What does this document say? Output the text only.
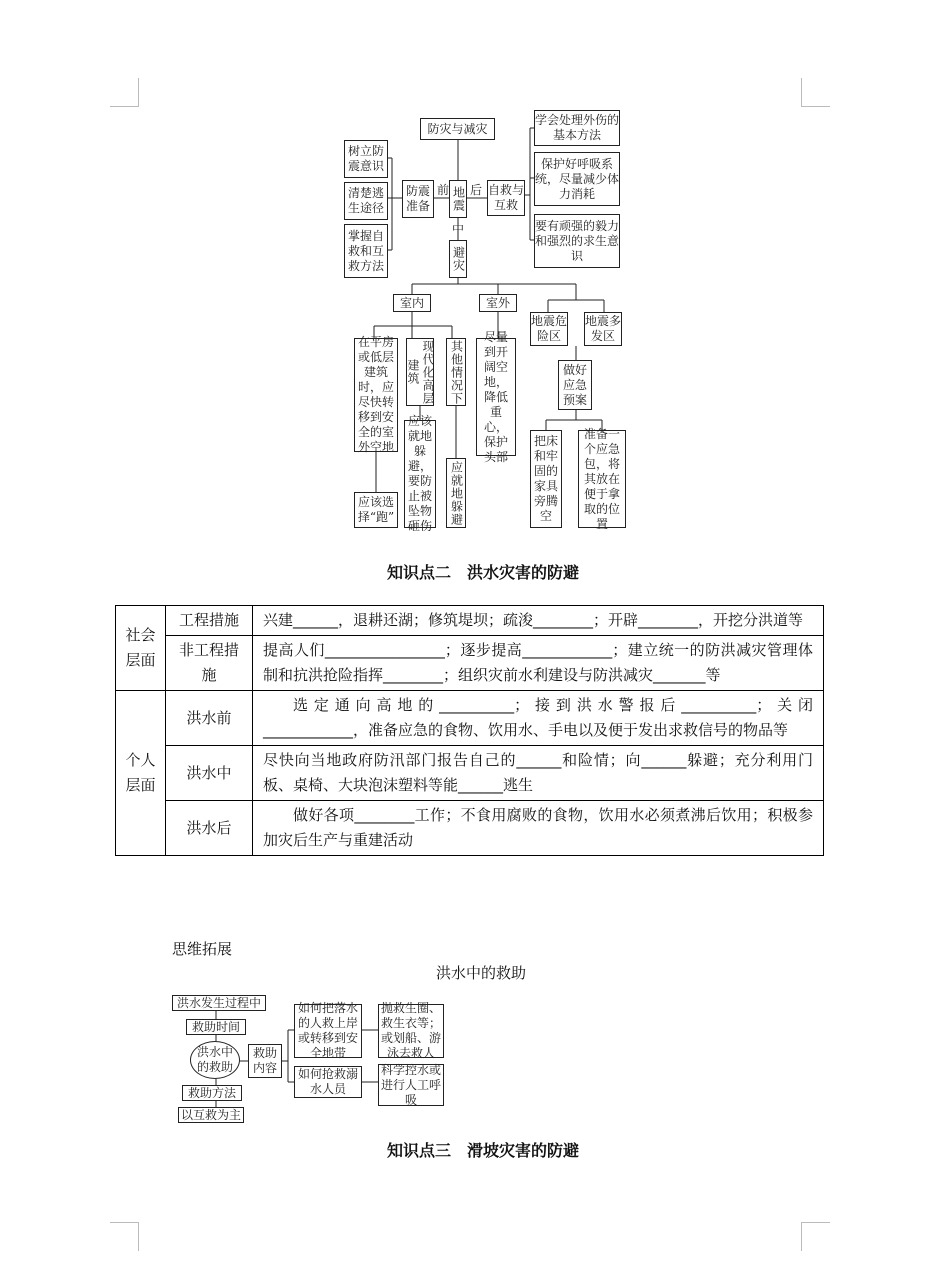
防灾与减灾
树立防震意识
清楚逃生途径
掌握自救和互救方法
防震准备
前 地震
中
避灾
后 自救与互救
学会处理外伤的基本方法
保护好呼吸系统，尽量减少体力消耗
要有顽强的毅力和强烈的求生意识
室内	室外
在平房或低层建筑时，应尽快转移到安全的室外空地
应该选择“跑”
现代化高层建筑
应该就地躲避，要防止被坠物砸伤
其他情况下
应就地躲避
尽量到开阔空地，降低重心，保护头部
地震危险区
地震多发区
做好应急预案
把床和牢固的家具旁腾空
准备一个应急包，将其放在便于拿取的位置
知识点二　洪水灾害的防避
社会层面	工程措施	兴建______，退耕还湖；修筑堤坝；疏浚________；开辟________，开挖分洪道等
	非工程措施	提高人们________________；逐步提高____________；建立统一的防洪减灾管理体制和抗洪抢险指挥________；组织灾前水利建设与防洪减灾_______等
个人层面	洪水前	选定通向高地的__________；接到洪水警报后__________；关闭____________，准备应急的食物、饮用水、手电以及便于发出求救信号的物品等
	洪水中	尽快向当地政府防汛部门报告自己的______和险情；向______躲避；充分利用门板、桌椅、大块泡沫塑料等能______逃生
	洪水后	做好各项________工作；不食用腐败的食物，饮用水必须煮沸后饮用；积极参加灾后生产与重建活动
思维拓展
洪水中的救助
洪水发生过程中
救助时间
洪水中的救助
救助内容
救助方法
以互救为主
如何把落水的人救上岸或转移到安全地带
抛救生圈、救生衣等；或划船、游泳去救人
如何抢救溺水人员
科学控水或进行人工呼吸
知识点三　滑坡灾害的防避
